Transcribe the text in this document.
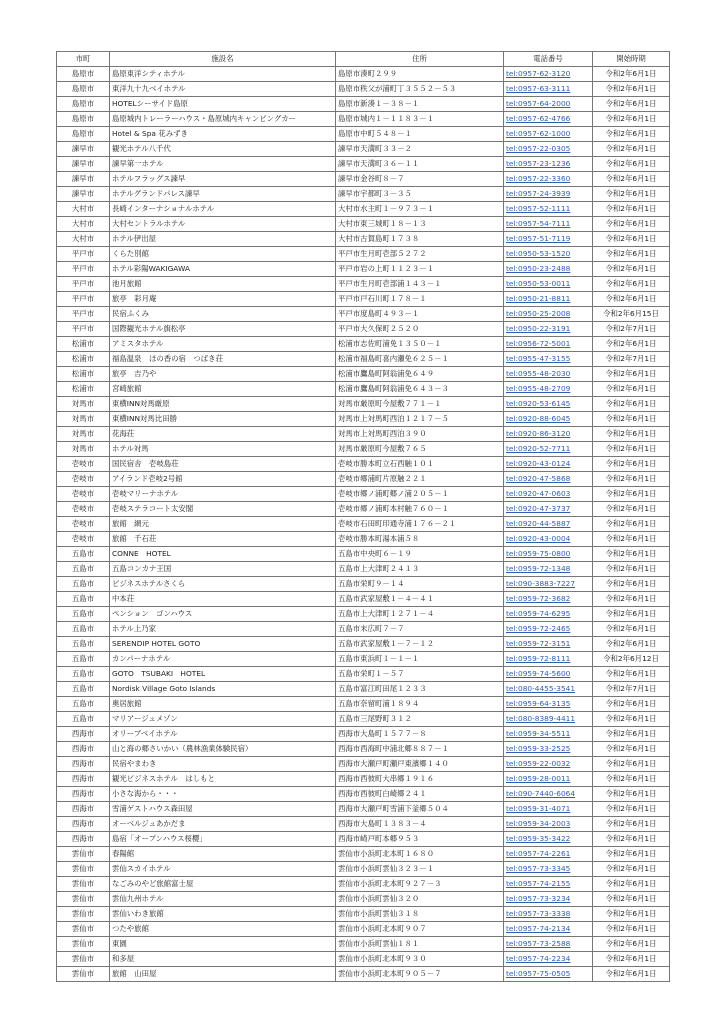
市町	施設名	住所	電話番号	開始時期
島原市	島原東洋シティホテル	島原市湊町２９９	tel:0957-62-3120	令和2年6月1日
島原市	東洋九十九ベイホテル	島原市秩父が浦町丁３５５２－５３	tel:0957-63-3111	令和2年6月1日
島原市	HOTELシーサイド島原	島原市新湊１－３８－１	tel:0957-64-2000	令和2年6月1日
島原市	島原城内トレーラーハウス・島原城内キャンピングカー	島原市城内１－１１８３－１	tel:0957-62-4766	令和2年6月1日
島原市	Hotel & Spa 花みずき	島原市中町５４８－１	tel:0957-62-1000	令和2年6月1日
諫早市	観光ホテル八千代	諫早市天満町３３－２	tel:0957-22-0305	令和2年6月1日
諫早市	諫早第一ホテル	諫早市天満町３６－１１	tel:0957-23-1236	令和2年6月1日
諫早市	ホテルフラッグス諫早	諫早市金谷町８－７	tel:0957-22-3360	令和2年6月1日
諫早市	ホテルグランドパレス諫早	諫早市宇都町３－３５	tel:0957-24-3939	令和2年6月1日
大村市	長崎インターナショナルホテル	大村市水主町１－９７３－１	tel:0957-52-1111	令和2年6月1日
大村市	大村セントラルホテル	大村市東三城町１８－１３	tel:0957-54-7111	令和2年6月1日
大村市	ホテル伊出屋	大村市古賀島町１７３８	tel:0957-51-7119	令和2年6月1日
平戸市	くらた別館	平戸市生月町壱部５２７２	tel:0950-53-1520	令和2年6月1日
平戸市	ホテル彩陽WAKIGAWA	平戸市岩の上町１１２３－１	tel:0950-23-2488	令和2年6月1日
平戸市	池月旅館	平戸市生月町壱部浦１４３－１	tel:0950-53-0011	令和2年6月1日
平戸市	旅亭　彩月庵	平戸市戸石川町１７８－１	tel:0950-21-8811	令和2年6月1日
平戸市	民宿ふくみ	平戸市度島町４９３－１	tel:0950-25-2008	令和2年6月15日
平戸市	国際観光ホテル旗松亭	平戸市大久保町２５２０	tel:0950-22-3191	令和2年7月1日
松浦市	アミスタホテル	松浦市志佐町浦免１３５０－１	tel:0956-72-5001	令和2年6月1日
松浦市	福島温泉　ほの香の宿　つばき荘	松浦市福島町喜内瀬免６２５－１	tel:0955-47-3155	令和2年7月1日
松浦市	旅亭　吉乃や	松浦市鷹島町阿翁浦免６４９	tel:0955-48-2030	令和2年6月1日
松浦市	宮崎旅館	松浦市鷹島町阿翁浦免６４３－３	tel:0955-48-2709	令和2年6月1日
対馬市	東横INN対馬厳原	対馬市厳原町今屋敷７７１－１	tel:0920-53-6145	令和2年6月1日
対馬市	東横INN対馬比田勝	対馬市上対馬町西泊１２１７－５	tel:0920-88-6045	令和2年6月1日
対馬市	花海荘	対馬市上対馬町西泊３９０	tel:0920-86-3120	令和2年6月1日
対馬市	ホテル対馬	対馬市厳原町今屋敷７６５	tel:0920-52-7711	令和2年6月1日
壱岐市	国民宿舎　壱岐島荘	壱岐市勝本町立石西触１０１	tel:0920-43-0124	令和2年6月1日
壱岐市	アイランド壱岐2号館	壱岐市郷浦町片原触２２１	tel:0920-47-5868	令和2年6月1日
壱岐市	壱岐マリーナホテル	壱岐市郷ノ浦町郷ノ浦２０５－１	tel:0920-47-0603	令和2年6月1日
壱岐市	壱岐ステラコート太安閣	壱岐市郷ノ浦町本村触７６０－１	tel:0920-47-3737	令和2年6月1日
壱岐市	旅館　網元	壱岐市石田町印通寺浦１７６－２１	tel:0920-44-5887	令和2年6月1日
壱岐市	旅館　千石荘	壱岐市勝本町湯本浦５８	tel:0920-43-0004	令和2年6月1日
五島市	CONNE　HOTEL	五島市中央町６－１９	tel:0959-75-0800	令和2年6月1日
五島市	五島コンカナ王国	五島市上大津町２４１３	tel:0959-72-1348	令和2年6月1日
五島市	ビジネスホテルさくら	五島市栄町９－１４	tel:090-3883-7227	令和2年6月1日
五島市	中本荘	五島市武家屋敷１－４－４１	tel:0959-72-3682	令和2年6月1日
五島市	ペンション　ゴンハウス	五島市上大津町１２７１－４	tel:0959-74-6295	令和2年6月1日
五島市	ホテル上乃家	五島市末広町７－７	tel:0959-72-2465	令和2年6月1日
五島市	SERENDIP HOTEL GOTO	五島市武家屋敷１－７－１２	tel:0959-72-3151	令和2年6月1日
五島市	カンパーナホテル	五島市東浜町１－１－１	tel:0959-72-8111	令和2年6月12日
五島市	GOTO　TSUBAKI　HOTEL	五島市栄町１－５７	tel:0959-74-5600	令和2年6月1日
五島市	Nordisk Village Goto Islands	五島市富江町田尾１２３３	tel:080-4455-3541	令和2年7月1日
五島市	奥居旅館	五島市奈留町浦１８９４	tel:0959-64-3135	令和2年6月1日
五島市	マリアージュメゾン	五島市三尾野町３１２	tel:080-8389-4411	令和2年6月1日
西海市	オリーブベイホテル	西海市大島町１５７７－８	tel:0959-34-5511	令和2年6月1日
西海市	山と海の郷さいかい（農林漁業体験民宿）	西海市西海町中浦北郷８８７－１	tel:0959-33-2525	令和2年6月1日
西海市	民宿やまわき	西海市大瀬戸町瀬戸東濱郷１４０	tel:0959-22-0032	令和2年6月1日
西海市	観光ビジネスホテル　はしもと	西海市西彼町大串郷１９１６	tel:0959-28-0011	令和2年6月1日
西海市	小さな海から・・・	西海市西彼町白崎郷２４１	tel:090-7440-6064	令和2年6月1日
西海市	雪浦ゲストハウス森田屋	西海市大瀬戸町雪浦下釜郷５０４	tel:0959-31-4071	令和2年6月1日
西海市	オーベルジュあかだま	西海市大島町１３８３－４	tel:0959-34-2003	令和2年6月1日
西海市	島宿「オープンハウス桜櫻」	西海市崎戸町本郷９５３	tel:0959-35-3422	令和2年6月1日
雲仙市	春陽館	雲仙市小浜町北本町１６８０	tel:0957-74-2261	令和2年6月1日
雲仙市	雲仙スカイホテル	雲仙市小浜町雲仙３２３－１	tel:0957-73-3345	令和2年6月1日
雲仙市	なごみのやど旅館富士屋	雲仙市小浜町北本町９２７－３	tel:0957-74-2155	令和2年6月1日
雲仙市	雲仙九州ホテル	雲仙市小浜町雲仙３２０	tel:0957-73-3234	令和2年6月1日
雲仙市	雲仙いわき旅館	雲仙市小浜町雲仙３１８	tel:0957-73-3338	令和2年6月1日
雲仙市	つたや旅館	雲仙市小浜町北本町９０７	tel:0957-74-2134	令和2年6月1日
雲仙市	東園	雲仙市小浜町雲仙１８１	tel:0957-73-2588	令和2年6月1日
雲仙市	和多屋	雲仙市小浜町北本町９３０	tel:0957-74-2234	令和2年6月1日
雲仙市	旅館　山田屋	雲仙市小浜町北本町９０５－７	tel:0957-75-0505	令和2年6月1日
